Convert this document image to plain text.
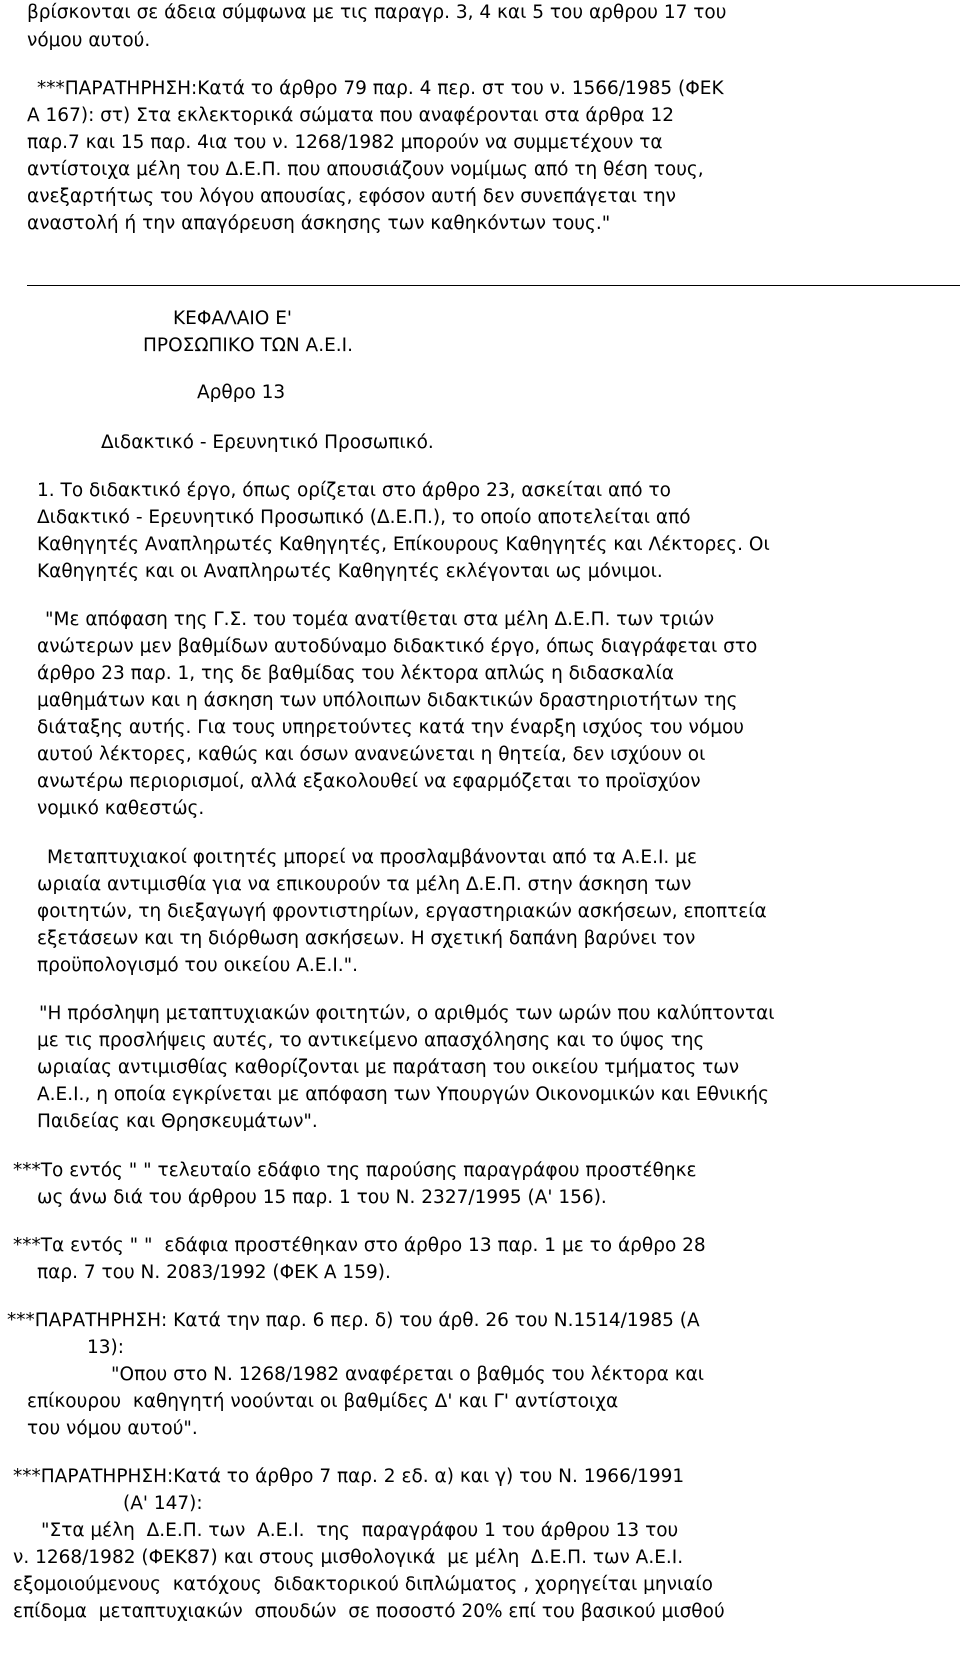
βρίσκονται σε άδεια σύμφωνα με τις παραγρ. 3, 4 και 5 του αρθρου 17 του
νόμου αυτού.
***ΠΑΡΑΤΗΡΗΣΗ:Κατά το άρθρο 79 παρ. 4 περ. στ του ν. 1566/1985 (ΦΕΚ
Α 167): στ) Στα εκλεκτορικά σώματα που αναφέρονται στα άρθρα 12
παρ.7 και 15 παρ. 4ια του ν. 1268/1982 μπορούν να συμμετέχουν τα
αντίστοιχα μέλη του Δ.Ε.Π. που απουσιάζουν νομίμως από τη θέση τους,
ανεξαρτήτως του λόγου απουσίας, εφόσον αυτή δεν συνεπάγεται την
αναστολή ή την απαγόρευση άσκησης των καθηκόντων τους."
ΚΕΦΑΛΑΙΟ Ε'
ΠΡΟΣΩΠΙΚΟ ΤΩΝ Α.Ε.Ι.
Αρθρο 13
Διδακτικό - Ερευνητικό Προσωπικό.
1. Το διδακτικό έργο, όπως ορίζεται στο άρθρο 23, ασκείται από το
Διδακτικό - Ερευνητικό Προσωπικό (Δ.Ε.Π.), το οποίο αποτελείται από
Καθηγητές Αναπληρωτές Καθηγητές, Επίκουρους Καθηγητές και Λέκτορες. Οι
Καθηγητές και οι Αναπληρωτές Καθηγητές εκλέγονται ως μόνιμοι.
"Με απόφαση της Γ.Σ. του τομέα ανατίθεται στα μέλη Δ.Ε.Π. των τριών
ανώτερων μεν βαθμίδων αυτοδύναμο διδακτικό έργο, όπως διαγράφεται στο
άρθρο 23 παρ. 1, της δε βαθμίδας του λέκτορα απλώς η διδασκαλία
μαθημάτων και η άσκηση των υπόλοιπων διδακτικών δραστηριοτήτων της
διάταξης αυτής. Για τους υπηρετούντες κατά την έναρξη ισχύος του νόμου
αυτού λέκτορες, καθώς και όσων ανανεώνεται η θητεία, δεν ισχύουν οι
ανωτέρω περιορισμοί, αλλά εξακολουθεί να εφαρμόζεται το προϊσχύον
νομικό καθεστώς.
Μεταπτυχιακοί φοιτητές μπορεί να προσλαμβάνονται από τα Α.Ε.Ι. με
ωριαία αντιμισθία για να επικουρούν τα μέλη Δ.Ε.Π. στην άσκηση των
φοιτητών, τη διεξαγωγή φροντιστηρίων, εργαστηριακών ασκήσεων, εποπτεία
εξετάσεων και τη διόρθωση ασκήσεων. Η σχετική δαπάνη βαρύνει τον
προϋπολογισμό του οικείου Α.Ε.Ι.".
"Η πρόσληψη μεταπτυχιακών φοιτητών, ο αριθμός των ωρών που καλύπτονται
με τις προσλήψεις αυτές, το αντικείμενο απασχόλησης και το ύψος της
ωριαίας αντιμισθίας καθορίζονται με παράταση του οικείου τμήματος των
Α.Ε.Ι., η οποία εγκρίνεται με απόφαση των Υπουργών Οικονομικών και Εθνικής
Παιδείας και Θρησκευμάτων".
***Το εντός " " τελευταίο εδάφιο της παρούσης παραγράφου προστέθηκε
ως άνω διά του άρθρου 15 παρ. 1 του Ν. 2327/1995 (Α' 156).
***Τα εντός " "  εδάφια προστέθηκαν στο άρθρο 13 παρ. 1 με το άρθρο 28
παρ. 7 του Ν. 2083/1992 (ΦΕΚ Α 159).
***ΠΑΡΑΤΗΡΗΣΗ: Κατά την παρ. 6 περ. δ) του άρθ. 26 του Ν.1514/1985 (Α
13):
"Οπου στο Ν. 1268/1982 αναφέρεται ο βαθμός του λέκτορα και
επίκουρου  καθηγητή νοούνται οι βαθμίδες Δ' και Γ' αντίστοιχα
του νόμου αυτού".
***ΠΑΡΑΤΗΡΗΣΗ:Κατά το άρθρο 7 παρ. 2 εδ. α) και γ) του Ν. 1966/1991
(Α' 147):
"Στα μέλη  Δ.Ε.Π. των  Α.Ε.Ι.  της  παραγράφου 1 του άρθρου 13 του
ν. 1268/1982 (ΦΕΚ87) και στους μισθολογικά  με μέλη  Δ.Ε.Π. των Α.Ε.Ι.
εξομοιούμενους  κατόχους  διδακτορικού διπλώματος , χορηγείται μηνιαίο
επίδομα  μεταπτυχιακών  σπουδών  σε ποσοστό 20% επί του βασικού μισθού
